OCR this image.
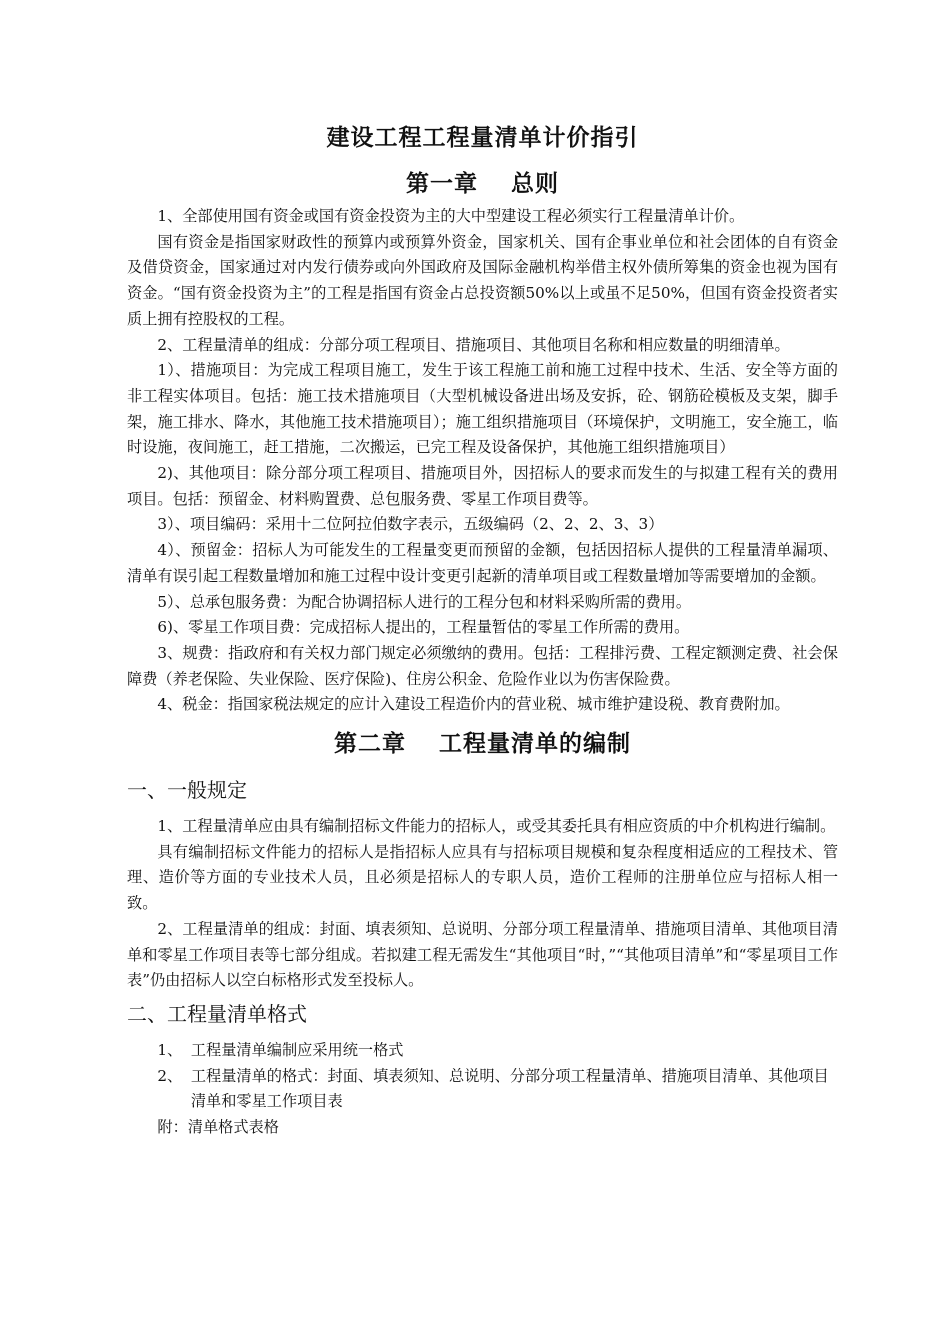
建设工程工程量清单计价指引
第一章　 总则

1、全部使用国有资金或国有资金投资为主的大中型建设工程必须实行工程量清单计价。

国有资金是指国家财政性的预算内或预算外资金，国家机关、国有企事业单位和社会团体的自有资金及借贷资金，国家通过对内发行债券或向外国政府及国际金融机构举借主权外债所筹集的资金也视为国有资金。“国有资金投资为主”的工程是指国有资金占总投资额50%以上或虽不足50%，但国有资金投资者实质上拥有控股权的工程。

2、工程量清单的组成：分部分项工程项目、措施项目、其他项目名称和相应数量的明细清单。

1）、措施项目：为完成工程项目施工，发生于该工程施工前和施工过程中技术、生活、安全等方面的非工程实体项目。包括：施工技术措施项目（大型机械设备进出场及安拆，砼、钢筋砼模板及支架，脚手架，施工排水、降水，其他施工技术措施项目）；施工组织措施项目（环境保护，文明施工，安全施工，临时设施，夜间施工，赶工措施，二次搬运，已完工程及设备保护，其他施工组织措施项目）

2)、其他项目：除分部分项工程项目、措施项目外，因招标人的要求而发生的与拟建工程有关的费用项目。包括：预留金、材料购置费、总包服务费、零星工作项目费等。

3）、项目编码：采用十二位阿拉伯数字表示，五级编码（2、2、2、3、3）

4）、预留金：招标人为可能发生的工程量变更而预留的金额，包括因招标人提供的工程量清单漏项、清单有误引起工程数量增加和施工过程中设计变更引起新的清单项目或工程数量增加等需要增加的金额。

5）、总承包服务费：为配合协调招标人进行的工程分包和材料采购所需的费用。

6)、零星工作项目费：完成招标人提出的，工程量暂估的零星工作所需的费用。

3、规费：指政府和有关权力部门规定必须缴纳的费用。包括：工程排污费、工程定额测定费、社会保障费（养老保险、失业保险、医疗保险)、住房公积金、危险作业以为伤害保险费。

4、税金：指国家税法规定的应计入建设工程造价内的营业税、城市维护建设税、教育费附加。

第二章　 工程量清单的编制
一、一般规定

1、工程量清单应由具有编制招标文件能力的招标人，或受其委托具有相应资质的中介机构进行编制。

具有编制招标文件能力的招标人是指招标人应具有与招标项目规模和复杂程度相适应的工程技术、管理、造价等方面的专业技术人员，且必须是招标人的专职人员，造价工程师的注册单位应与招标人相一致。

2、工程量清单的组成：封面、填表须知、总说明、分部分项工程量清单、措施项目清单、其他项目清单和零星工作项目表等七部分组成。若拟建工程无需发生“其他项目“时，”“其他项目清单”和“零星项目工作表”仍由招标人以空白标格形式发至投标人。

二、工程量清单格式
1、 工程量清单编制应采用统一格式
2、 工程量清单的格式：封面、填表须知、总说明、分部分项工程量清单、措施项目清单、其他项目清单和零星工作项目表

附：清单格式表格
